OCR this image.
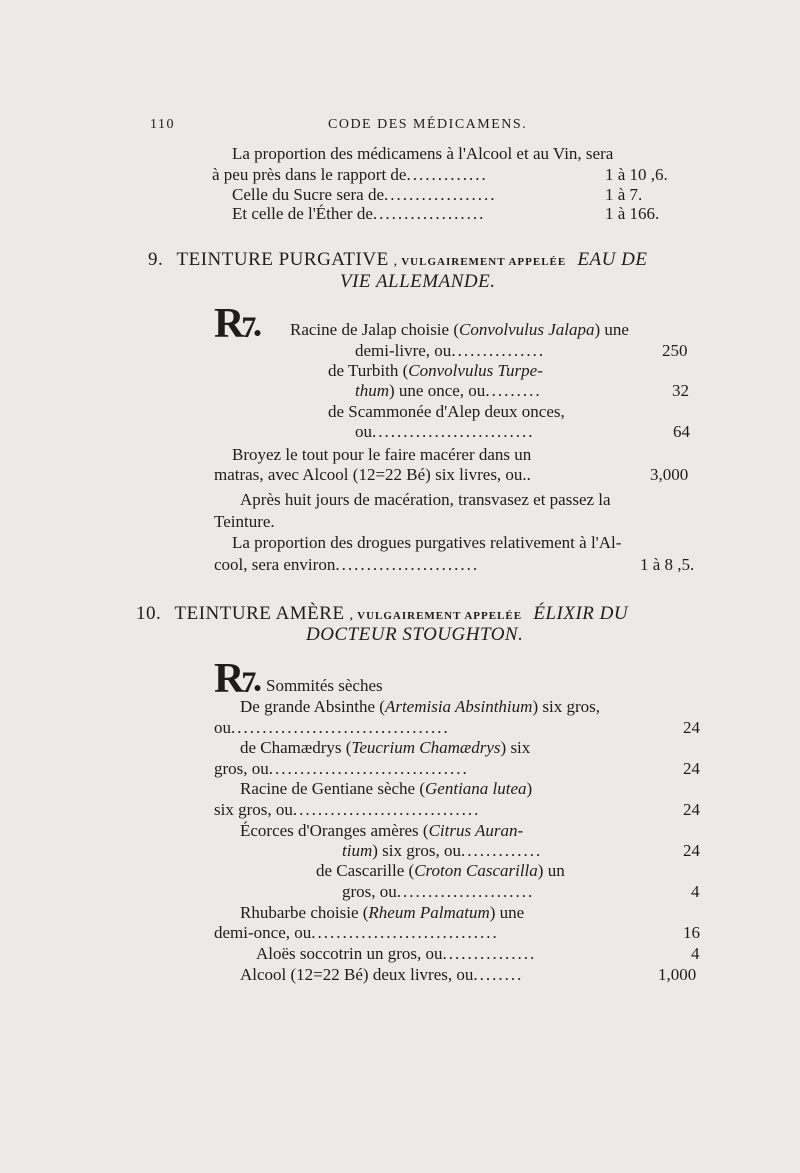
110	CODE DES MÉDICAMENS.
La proportion des médicamens à l'Alcool et au Vin, sera
à peu près dans le rapport de.............	1 à 10 ,6.
Celle du Sucre sera de..................	1 à 7.
Et celle de l'Éther de..................	1 à 166.
9. TEINTURE PURGATIVE , VULGAIREMENT APPELÉE EAU DE
VIE ALLEMANDE.
R7● Racine de Jalap choisie (Convolvulus Jalapa) une
demi-livre, ou...............	250
de Turbith (Convolvulus Turpe-
thum) une once, ou.........	32
de Scammonée d'Alep deux onces,
ou..........................	64
Broyez le tout pour le faire macérer dans un
matras, avec Alcool (12=22 Bé) six livres, ou..	3,000
Après huit jours de macération, transvasez et passez la
Teinture.
La proportion des drogues purgatives relativement à l'Al-
cool, sera environ.......................	1 à 8 ,5.
10. TEINTURE AMÈRE , VULGAIREMENT APPELÉE ÉLIXIR DU
DOCTEUR STOUGHTON.
R7● Sommités sèches
De grande Absinthe (Artemisia Absinthium) six gros,
ou...................................	24
de Chamædrys (Teucrium Chamædrys) six
gros, ou................................	24
Racine de Gentiane sèche (Gentiana lutea)
six gros, ou..............................	24
Écorces d'Oranges amères (Citrus Auran-
tium) six gros, ou.............	24
de Cascarille (Croton Cascarilla) un
gros, ou......................	4
Rhubarbe choisie (Rheum Palmatum) une
demi-once, ou..............................	16
Aloës soccotrin un gros, ou...............	4
Alcool (12=22 Bé) deux livres, ou........	1,000
